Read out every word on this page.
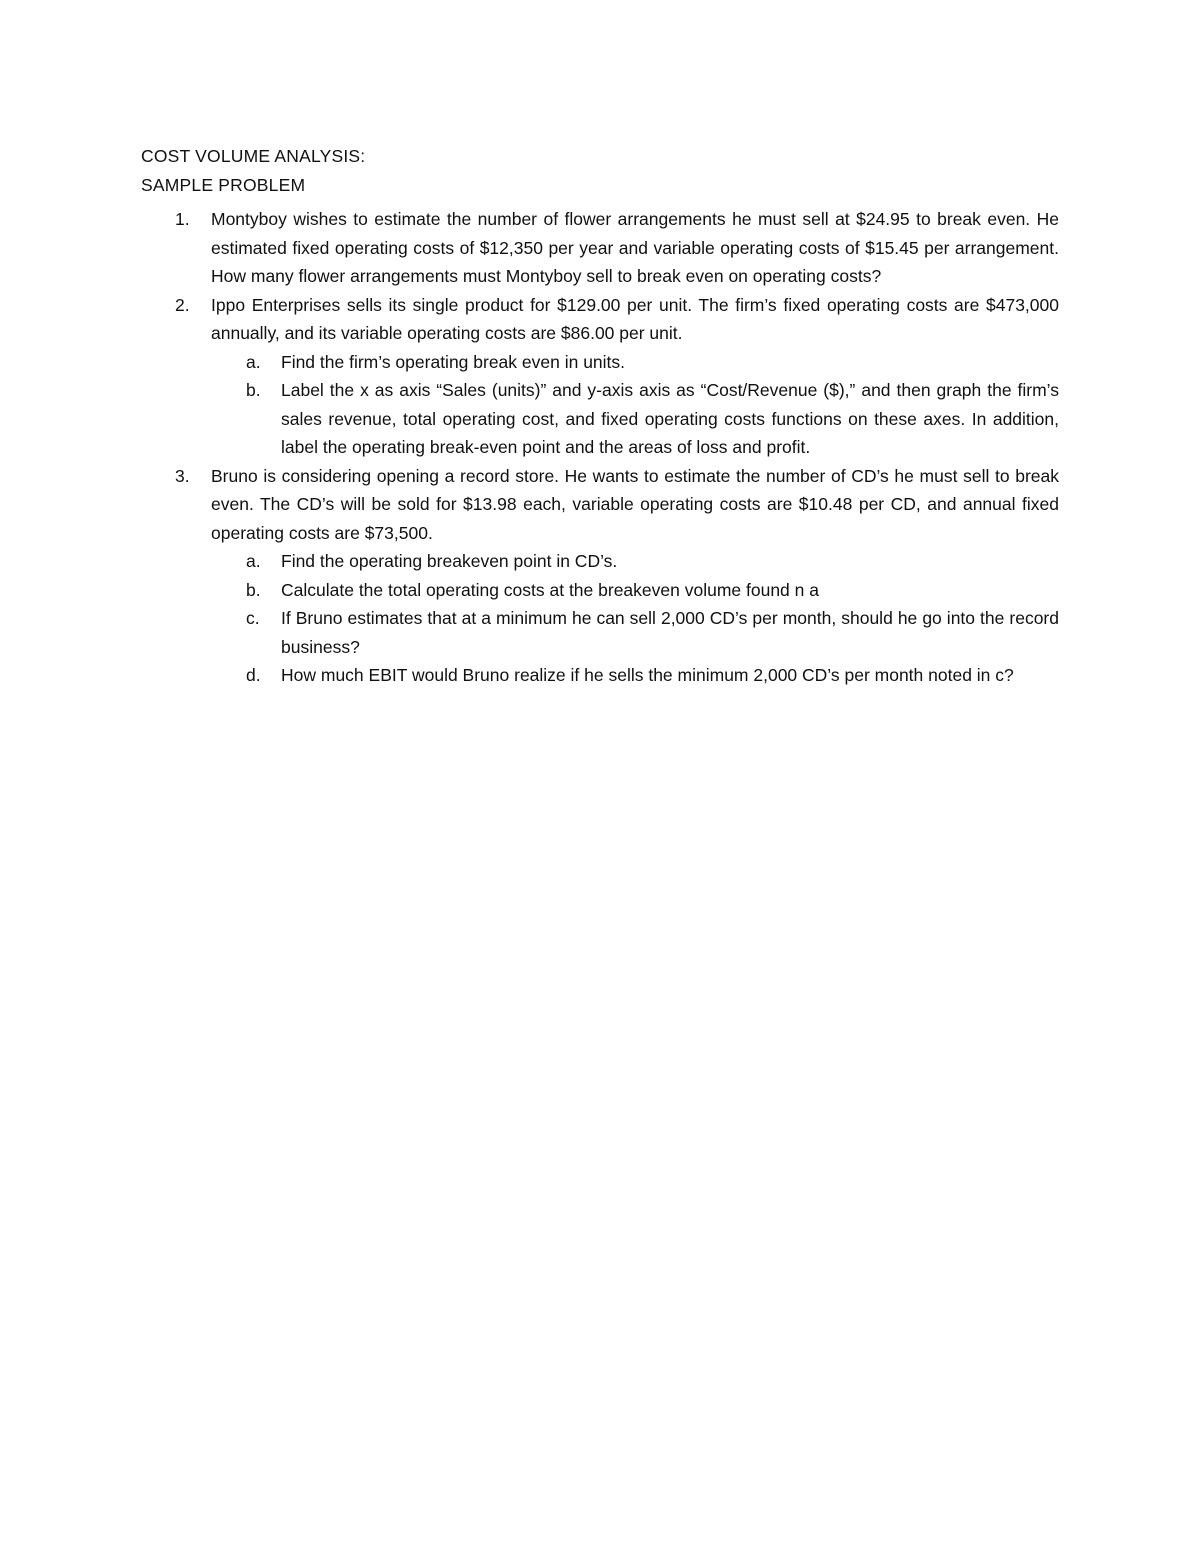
COST VOLUME ANALYSIS:
SAMPLE PROBLEM
1. Montyboy wishes to estimate the number of flower arrangements he must sell at $24.95 to break even. He estimated fixed operating costs of $12,350 per year and variable operating costs of $15.45 per arrangement. How many flower arrangements must Montyboy sell to break even on operating costs?
2. Ippo Enterprises sells its single product for $129.00 per unit. The firm’s fixed operating costs are $473,000 annually, and its variable operating costs are $86.00 per unit.
a. Find the firm’s operating break even in units.
b. Label the x as axis “Sales (units)” and y-axis axis as “Cost/Revenue ($),” and then graph the firm’s sales revenue, total operating cost, and fixed operating costs functions on these axes. In addition, label the operating break-even point and the areas of loss and profit.
3. Bruno is considering opening a record store. He wants to estimate the number of CD’s he must sell to break even. The CD’s will be sold for $13.98 each, variable operating costs are $10.48 per CD, and annual fixed operating costs are $73,500.
a. Find the operating breakeven point in CD’s.
b. Calculate the total operating costs at the breakeven volume found n a
c. If Bruno estimates that at a minimum he can sell 2,000 CD’s per month, should he go into the record business?
d. How much EBIT would Bruno realize if he sells the minimum 2,000 CD’s per month noted in c?
